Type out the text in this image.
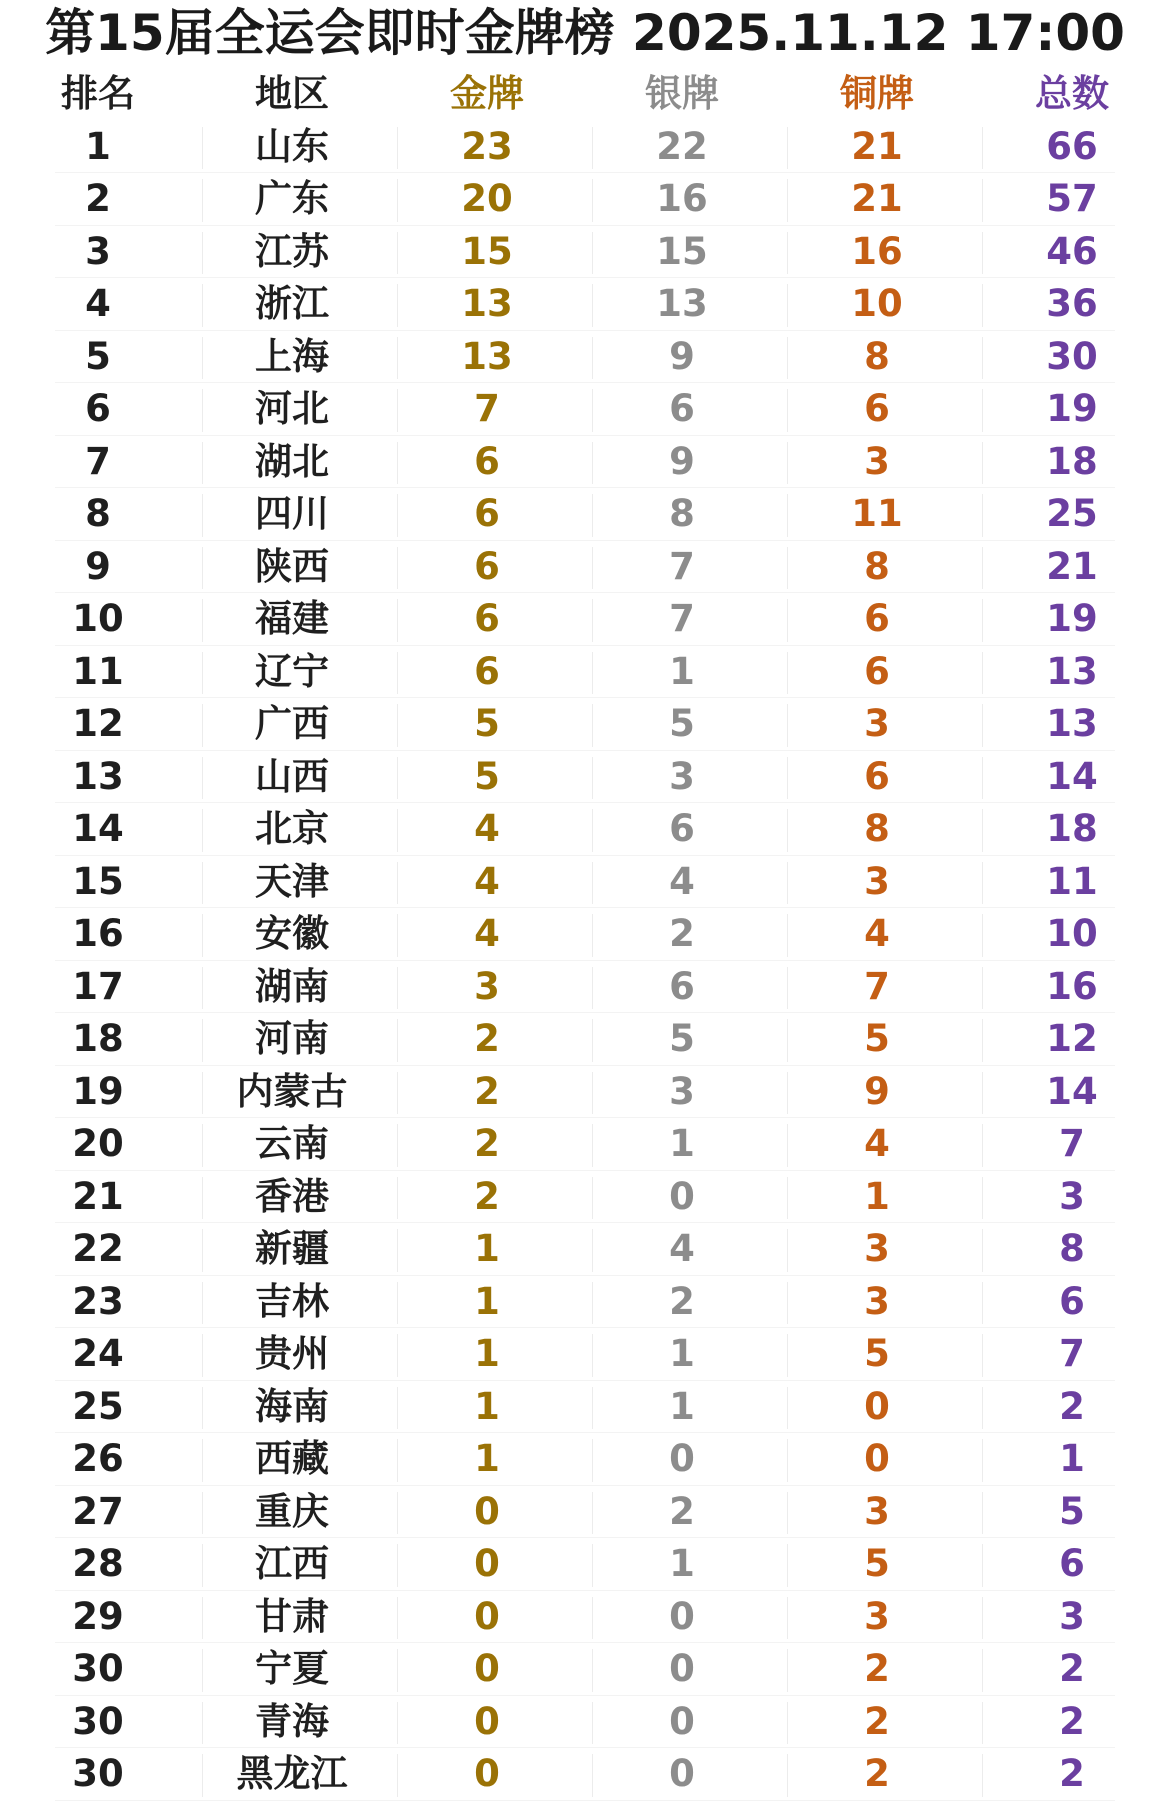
第15届全运会即时金牌榜 2025.11.12 17:00
排名	地区	金牌	银牌	铜牌	总数
1	山东	23	22	21	66
2	广东	20	16	21	57
3	江苏	15	15	16	46
4	浙江	13	13	10	36
5	上海	13	9	8	30
6	河北	7	6	6	19
7	湖北	6	9	3	18
8	四川	6	8	11	25
9	陕西	6	7	8	21
10	福建	6	7	6	19
11	辽宁	6	1	6	13
12	广西	5	5	3	13
13	山西	5	3	6	14
14	北京	4	6	8	18
15	天津	4	4	3	11
16	安徽	4	2	4	10
17	湖南	3	6	7	16
18	河南	2	5	5	12
19	内蒙古	2	3	9	14
20	云南	2	1	4	7
21	香港	2	0	1	3
22	新疆	1	4	3	8
23	吉林	1	2	3	6
24	贵州	1	1	5	7
25	海南	1	1	0	2
26	西藏	1	0	0	1
27	重庆	0	2	3	5
28	江西	0	1	5	6
29	甘肃	0	0	3	3
30	宁夏	0	0	2	2
30	青海	0	0	2	2
30	黑龙江	0	0	2	2
